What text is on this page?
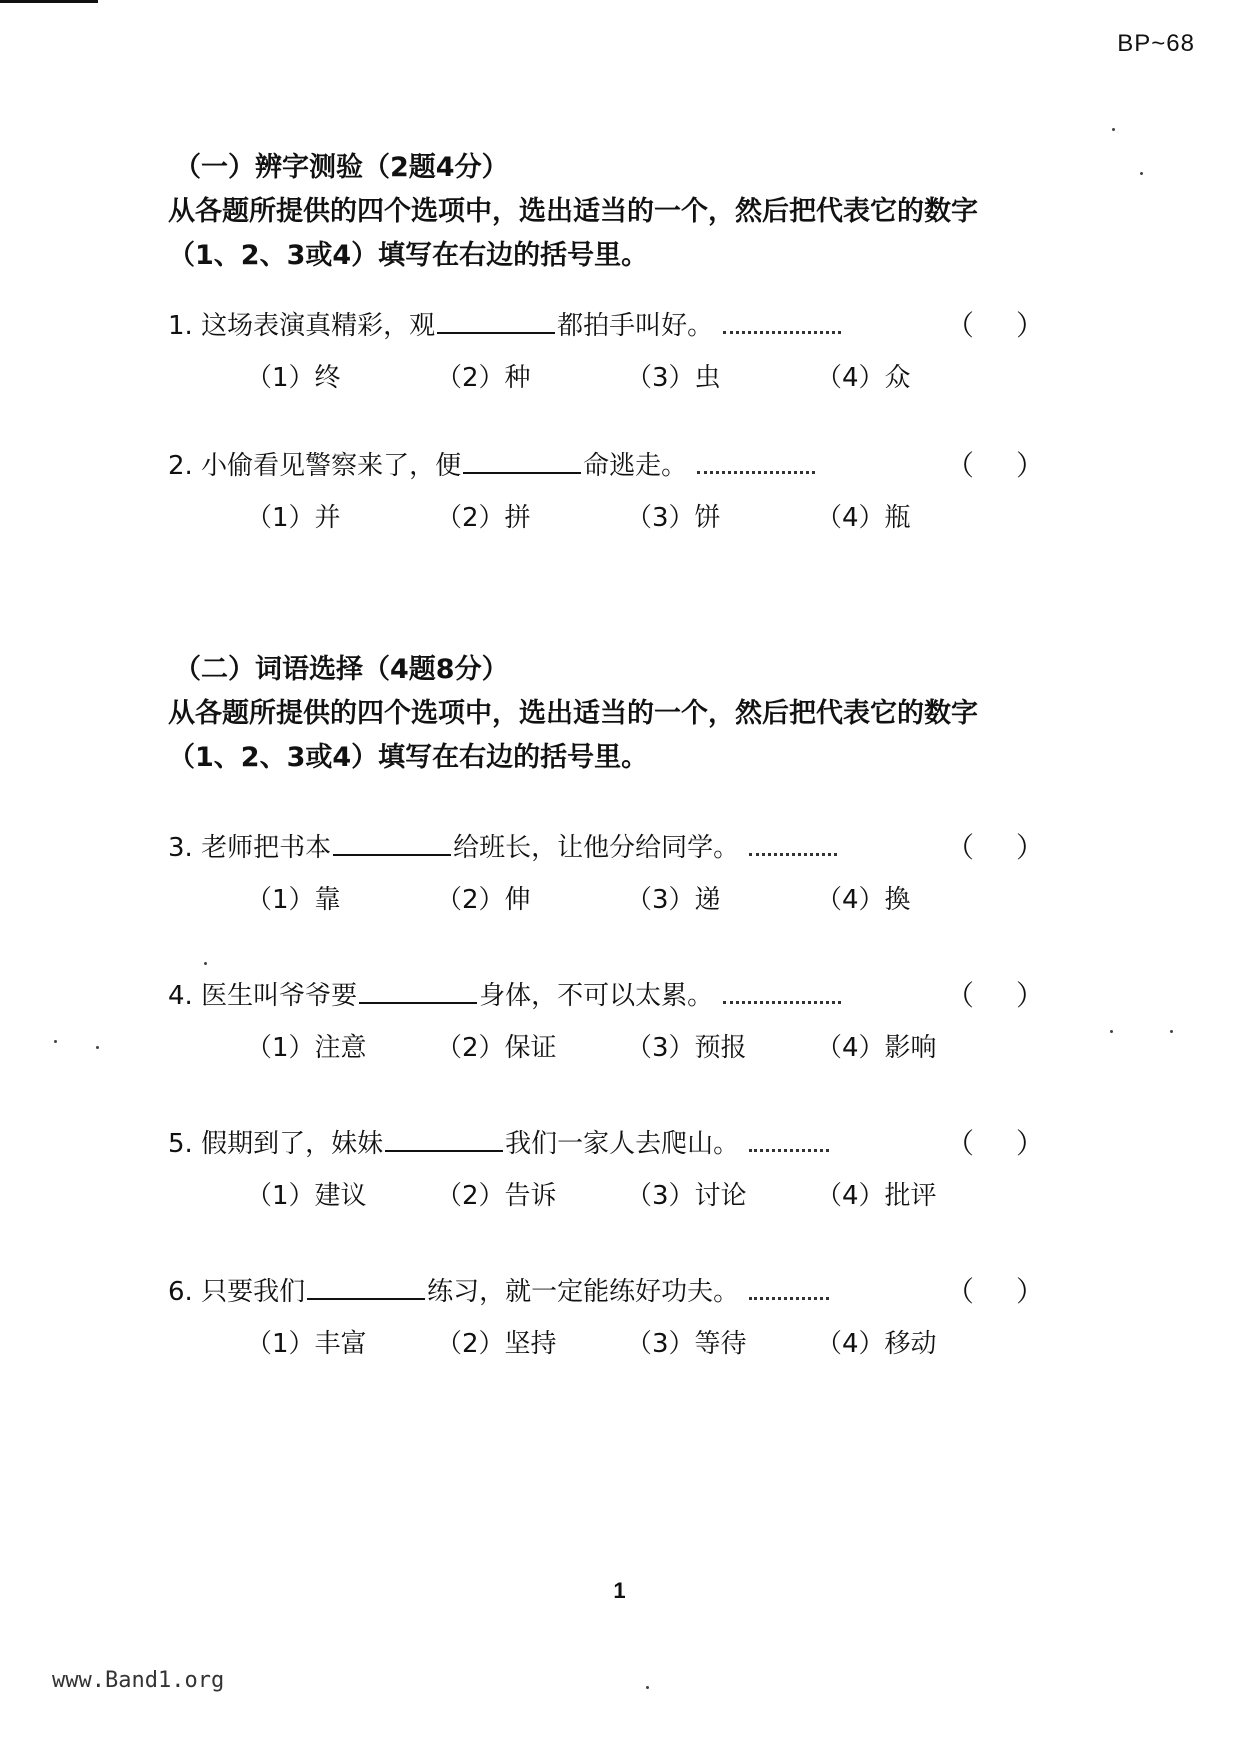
BP~68
（一）辨字测验（2题4分）
从各题所提供的四个选项中，选出适当的一个，然后把代表它的数字（1、2、3或4）填写在右边的括号里。
1. 这场表演真精彩，观	都拍手叫好。	（ ）
（1）终	（2）种	（3）虫	（4）众
2. 小偷看见警察来了，便	命逃走。	（ ）
（1）并	（2）拼	（3）饼	（4）瓶
（二）词语选择（4题8分）
从各题所提供的四个选项中，选出适当的一个，然后把代表它的数字（1、2、3或4）填写在右边的括号里。
3. 老师把书本	给班长，让他分给同学。	（ ）
（1）靠	（2）伸	（3）递	（4）換
4. 医生叫爷爷要	身体，不可以太累。	（ ）
（1）注意	（2）保证	（3）预报	（4）影响
5. 假期到了，妹妹	我们一家人去爬山。	（ ）
（1）建议	（2）告诉	（3）讨论	（4）批评
6. 只要我们	练习，就一定能练好功夫。	（ ）
（1）丰富	（2）坚持	（3）等待	（4）移动
1
www.Band1.org
